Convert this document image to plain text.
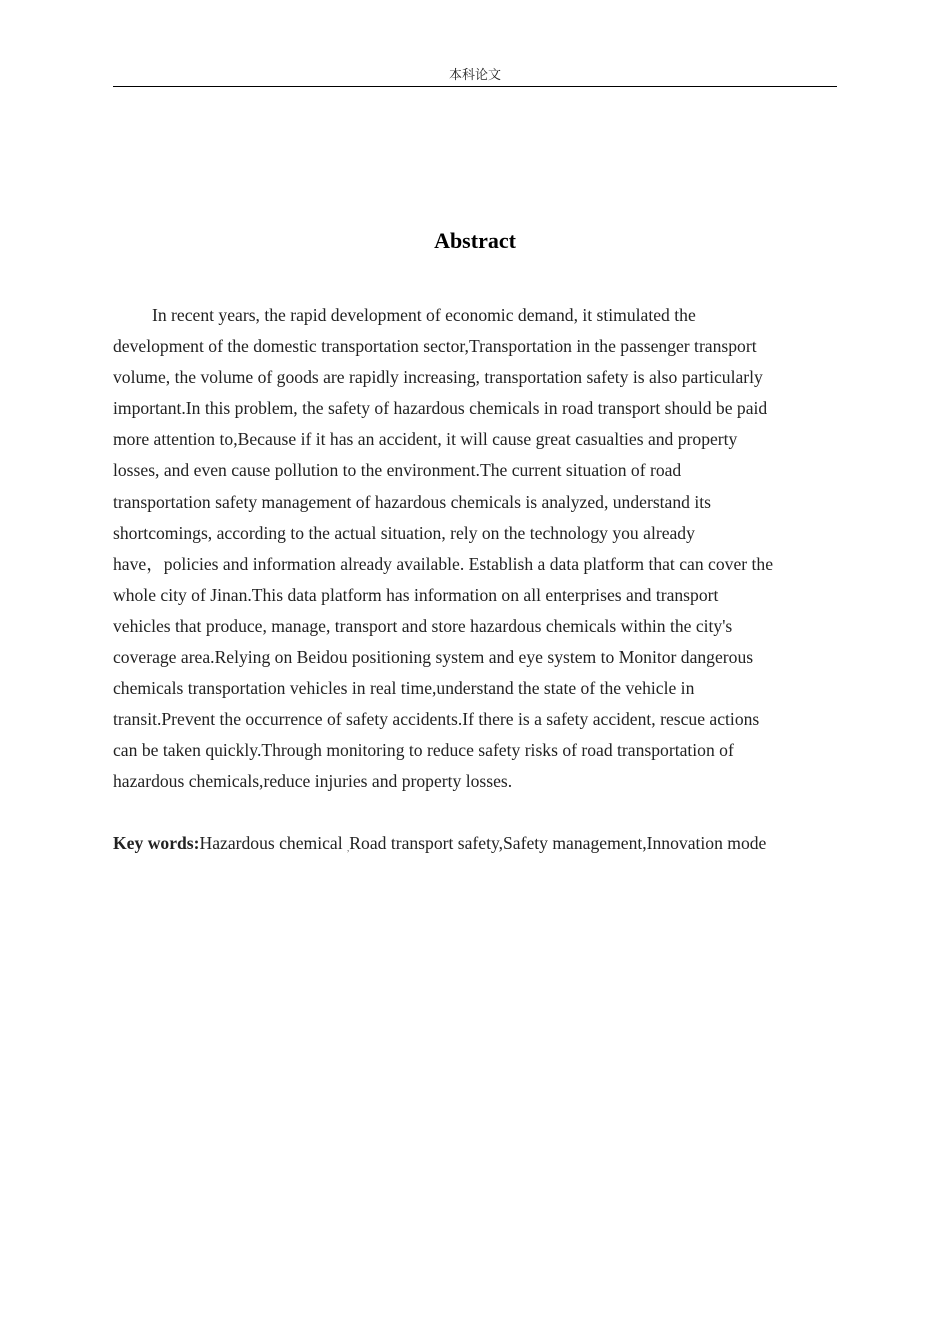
本科论文
Abstract
In recent years, the rapid development of economic demand, it stimulated the
development of the domestic transportation sector,Transportation in the passenger transport
volume, the volume of goods are rapidly increasing, transportation safety is also particularly
important.In this problem, the safety of hazardous chemicals in road transport should be paid
more attention to,Because if it has an accident, it will cause great casualties and property
losses, and even cause pollution to the environment.The current situation of road
transportation safety management of hazardous chemicals is analyzed, understand its
shortcomings, according to the actual situation, rely on the technology you already
have，policies and information already available. Establish a data platform that can cover the
whole city of Jinan.This data platform has information on all enterprises and transport
vehicles that produce, manage, transport and store hazardous chemicals within the city's
coverage area.Relying on Beidou positioning system and eye system to Monitor dangerous
chemicals transportation vehicles in real time,understand the state of the vehicle in
transit.Prevent the occurrence of safety accidents.If there is a safety accident, rescue actions
can be taken quickly.Through monitoring to reduce safety risks of road transportation of
hazardous chemicals,reduce injuries and property losses.
Key words:Hazardous chemical ,Road transport safety,Safety management,Innovation mode
